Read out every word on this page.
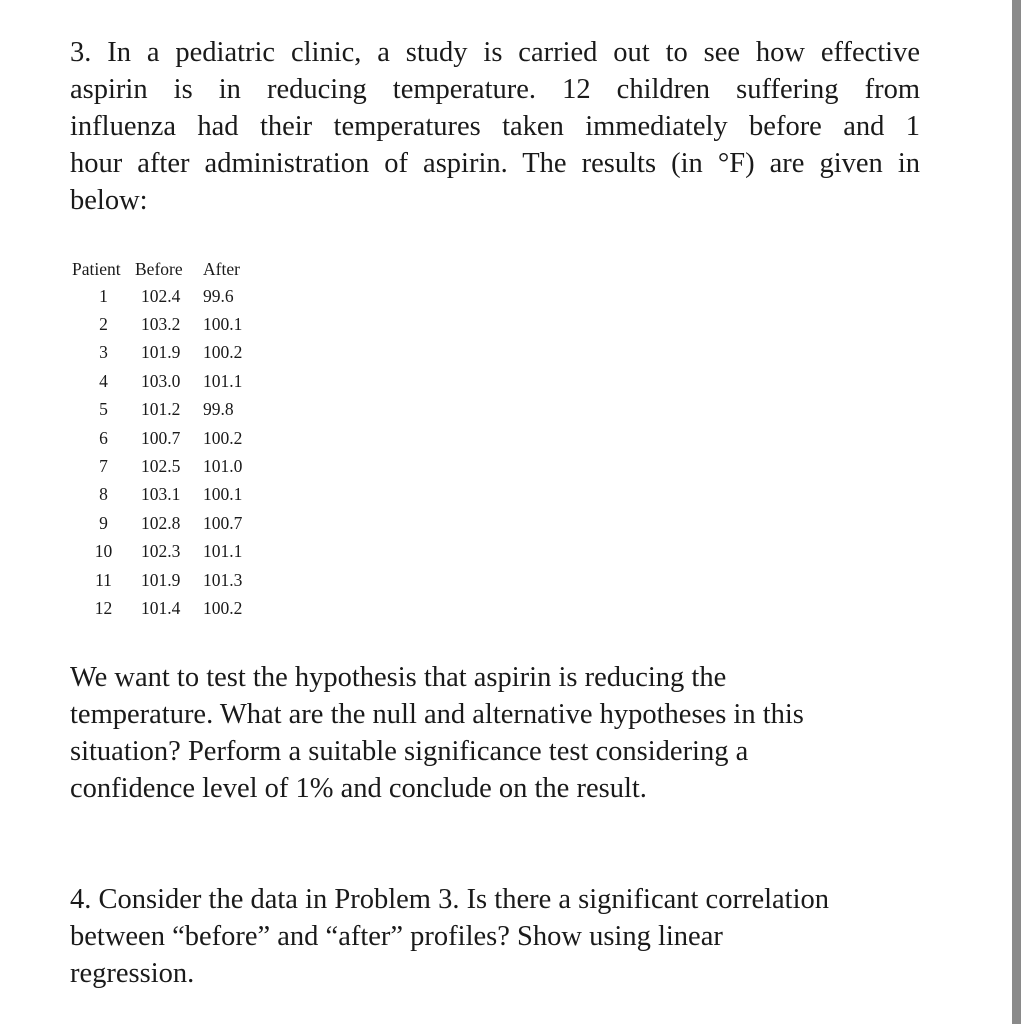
3. In a pediatric clinic, a study is carried out to see how effective
aspirin is in reducing temperature. 12 children suffering from
influenza had their temperatures taken immediately before and 1
hour after administration of aspirin. The results (in °F) are given in
below:
Patient	Before	After
1	102.4	99.6
2	103.2	100.1
3	101.9	100.2
4	103.0	101.1
5	101.2	99.8
6	100.7	100.2
7	102.5	101.0
8	103.1	100.1
9	102.8	100.7
10	102.3	101.1
11	101.9	101.3
12	101.4	100.2
We want to test the hypothesis that aspirin is reducing the
temperature. What are the null and alternative hypotheses in this
situation? Perform a suitable significance test considering a
confidence level of 1% and conclude on the result.
4. Consider the data in Problem 3. Is there a significant correlation
between “before” and “after” profiles? Show using linear
regression.
